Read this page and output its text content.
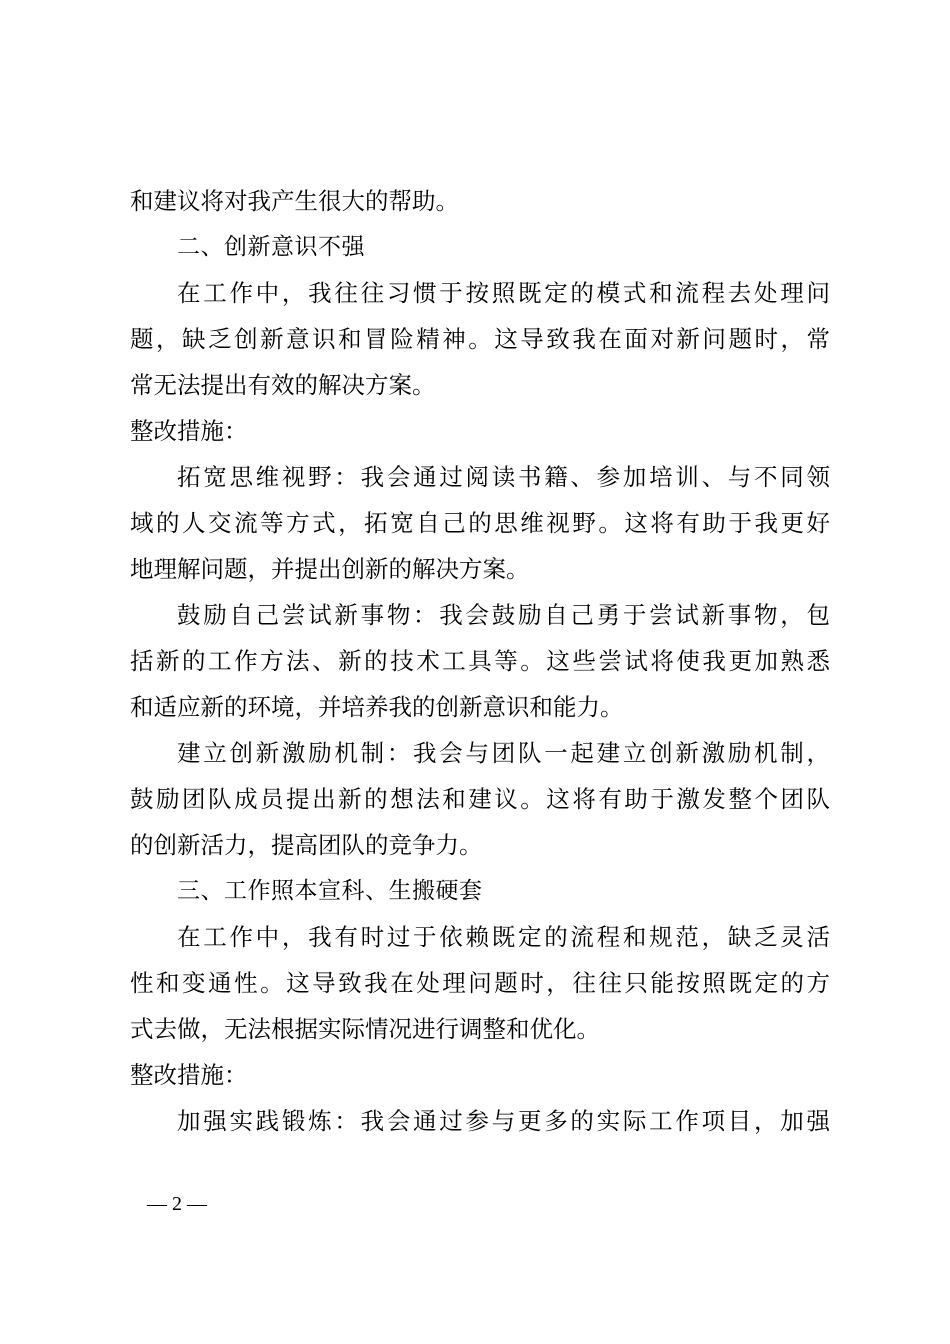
和建议将对我产生很大的帮助。
二、创新意识不强
在工作中，我往往习惯于按照既定的模式和流程去处理问
题，缺乏创新意识和冒险精神。这导致我在面对新问题时，常
常无法提出有效的解决方案。
整改措施：
拓宽思维视野：我会通过阅读书籍、参加培训、与不同领
域的人交流等方式，拓宽自己的思维视野。这将有助于我更好
地理解问题，并提出创新的解决方案。
鼓励自己尝试新事物：我会鼓励自己勇于尝试新事物，包
括新的工作方法、新的技术工具等。这些尝试将使我更加熟悉
和适应新的环境，并培养我的创新意识和能力。
建立创新激励机制：我会与团队一起建立创新激励机制，
鼓励团队成员提出新的想法和建议。这将有助于激发整个团队
的创新活力，提高团队的竞争力。
三、工作照本宣科、生搬硬套
在工作中，我有时过于依赖既定的流程和规范，缺乏灵活
性和变通性。这导致我在处理问题时，往往只能按照既定的方
式去做，无法根据实际情况进行调整和优化。
整改措施：
加强实践锻炼：我会通过参与更多的实际工作项目，加强
— 2 —
